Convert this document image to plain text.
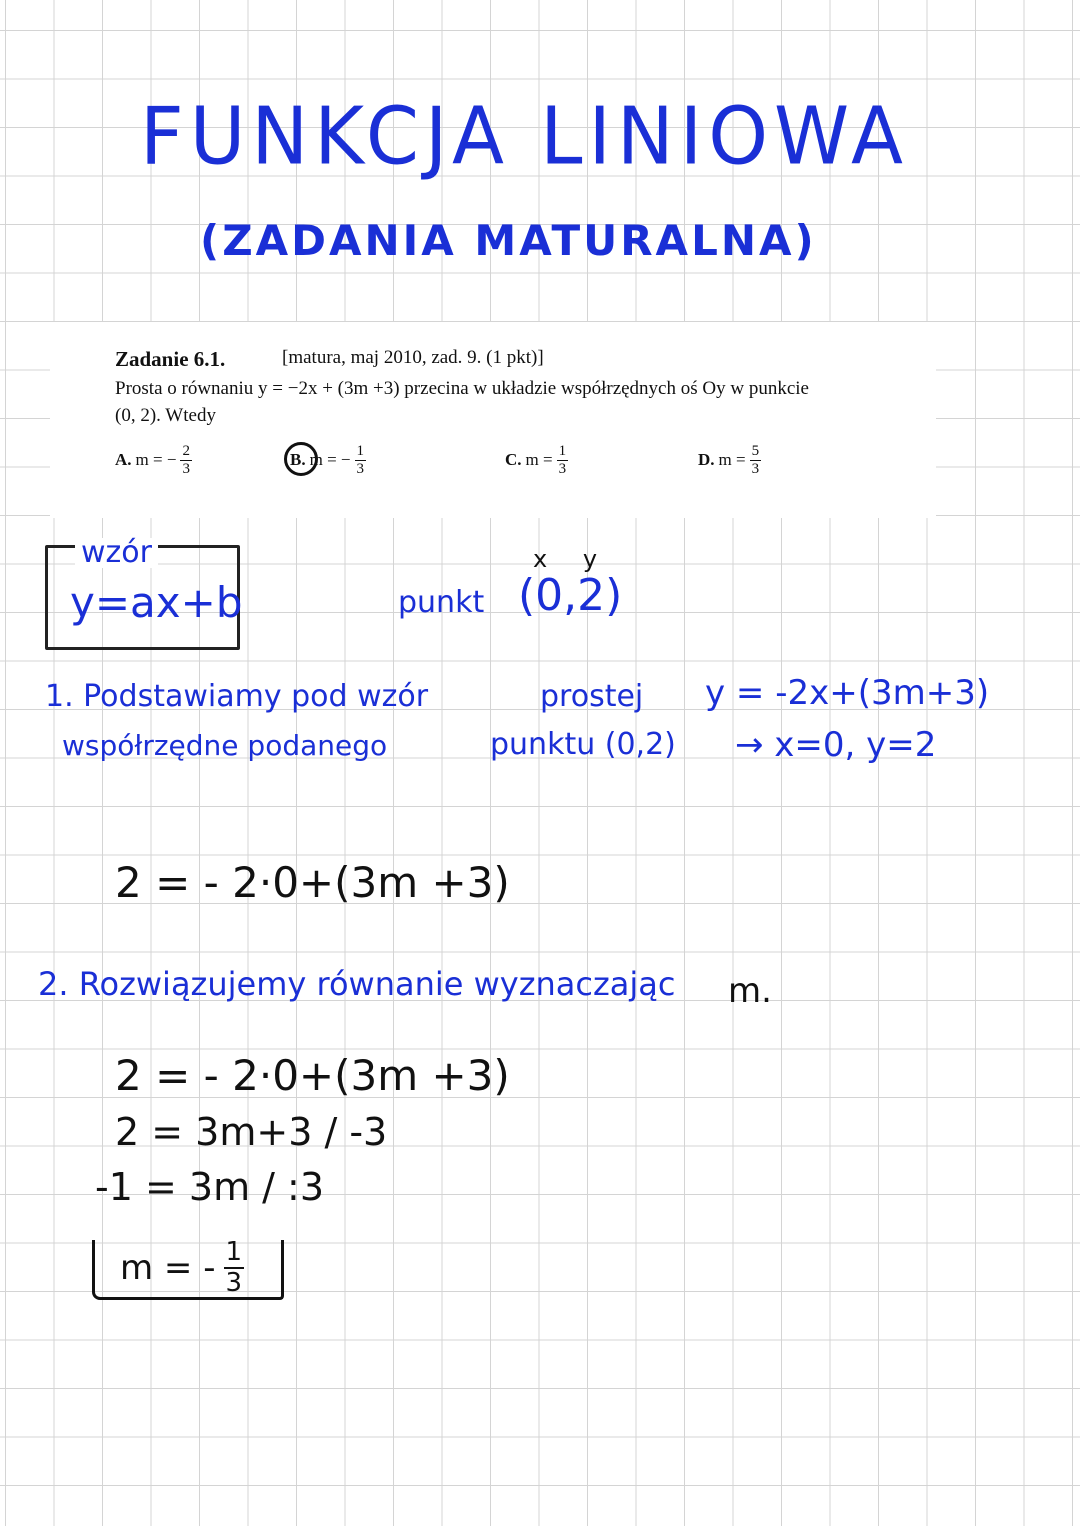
FUNKCJA LINIOWA
(ZADANIA MATURALNA)
Zadanie 6.1.	[matura, maj 2010, zad. 9. (1 pkt)]
Prosta o równaniu y = −2x + (3m +3) przecina w układzie współrzędnych oś Oy w punkcie
(0, 2). Wtedy
A. m = − $\frac{2}{3}$	B. m = − $\frac{1}{3}$	C. $m = \frac{1}{3}$	D. $m = \frac{5}{3}$
wzór
y=ax+b
x y
punkt (0,2)
1. Podstawiamy pod wzór	prostej y = -2x+(3m+3)
współrzędne podanego	punktu (0,2) → x=0, y=2
2 = - 2·0+(3m +3)
2. Rozwiązujemy równanie wyznaczając m.
2 = - 2·0+(3m +3)
2 = 3m+3 / -3
-1 = 3m / :3
m = - $\frac{1}{3}$
